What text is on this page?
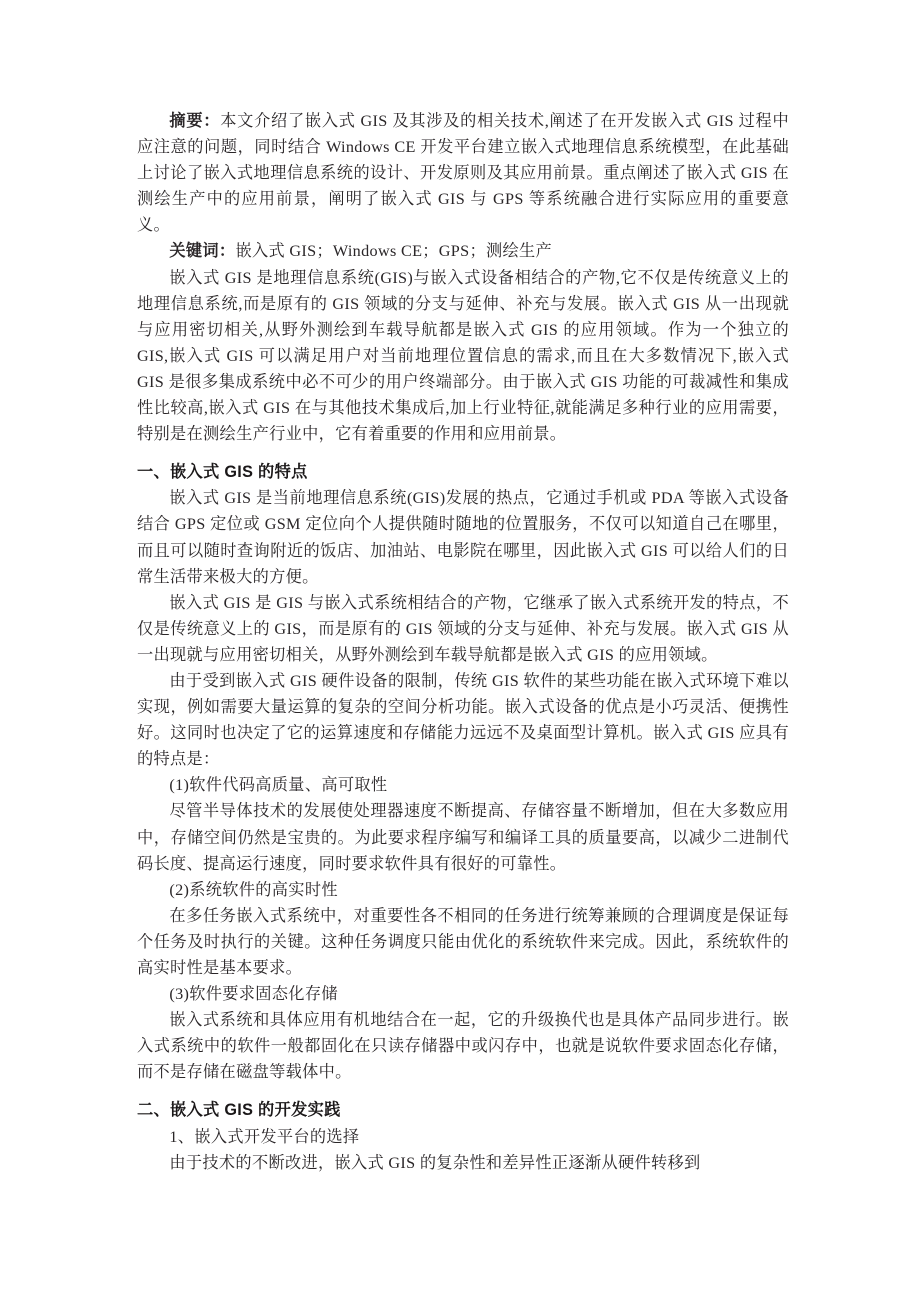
摘要：本文介绍了嵌入式 GIS 及其涉及的相关技术,阐述了在开发嵌入式 GIS 过程中应注意的问题，同时结合 Windows CE 开发平台建立嵌入式地理信息系统模型，在此基础上讨论了嵌入式地理信息系统的设计、开发原则及其应用前景。重点阐述了嵌入式 GIS 在测绘生产中的应用前景，阐明了嵌入式 GIS 与 GPS 等系统融合进行实际应用的重要意义。

关键词：嵌入式 GIS；Windows CE；GPS；测绘生产

嵌入式 GIS 是地理信息系统(GIS)与嵌入式设备相结合的产物,它不仅是传统意义上的地理信息系统,而是原有的 GIS 领域的分支与延伸、补充与发展。嵌入式 GIS 从一出现就与应用密切相关,从野外测绘到车载导航都是嵌入式 GIS 的应用领域。作为一个独立的 GIS,嵌入式 GIS 可以满足用户对当前地理位置信息的需求,而且在大多数情况下,嵌入式 GIS 是很多集成系统中必不可少的用户终端部分。由于嵌入式 GIS 功能的可裁减性和集成性比较高,嵌入式 GIS 在与其他技术集成后,加上行业特征,就能满足多种行业的应用需要，特别是在测绘生产行业中，它有着重要的作用和应用前景。

一、嵌入式 GIS 的特点

嵌入式 GIS 是当前地理信息系统(GIS)发展的热点，它通过手机或 PDA 等嵌入式设备结合 GPS 定位或 GSM 定位向个人提供随时随地的位置服务，不仅可以知道自己在哪里，而且可以随时查询附近的饭店、加油站、电影院在哪里，因此嵌入式 GIS 可以给人们的日常生活带来极大的方便。

嵌入式 GIS 是 GIS 与嵌入式系统相结合的产物，它继承了嵌入式系统开发的特点，不仅是传统意义上的 GIS，而是原有的 GIS 领域的分支与延伸、补充与发展。嵌入式 GIS 从一出现就与应用密切相关，从野外测绘到车载导航都是嵌入式 GIS 的应用领域。

由于受到嵌入式 GIS 硬件设备的限制，传统 GIS 软件的某些功能在嵌入式环境下难以实现，例如需要大量运算的复杂的空间分析功能。嵌入式设备的优点是小巧灵活、便携性好。这同时也决定了它的运算速度和存储能力远远不及桌面型计算机。嵌入式 GIS 应具有的特点是：

(1)软件代码高质量、高可取性

尽管半导体技术的发展使处理器速度不断提高、存储容量不断增加，但在大多数应用中，存储空间仍然是宝贵的。为此要求程序编写和编译工具的质量要高，以减少二进制代码长度、提高运行速度，同时要求软件具有很好的可靠性。

(2)系统软件的高实时性

在多任务嵌入式系统中，对重要性各不相同的任务进行统筹兼顾的合理调度是保证每个任务及时执行的关键。这种任务调度只能由优化的系统软件来完成。因此，系统软件的高实时性是基本要求。

(3)软件要求固态化存储

嵌入式系统和具体应用有机地结合在一起，它的升级换代也是具体产品同步进行。嵌入式系统中的软件一般都固化在只读存储器中或闪存中，也就是说软件要求固态化存储，而不是存储在磁盘等载体中。

二、嵌入式 GIS 的开发实践

1、嵌入式开发平台的选择

由于技术的不断改进，嵌入式 GIS 的复杂性和差异性正逐渐从硬件转移到
